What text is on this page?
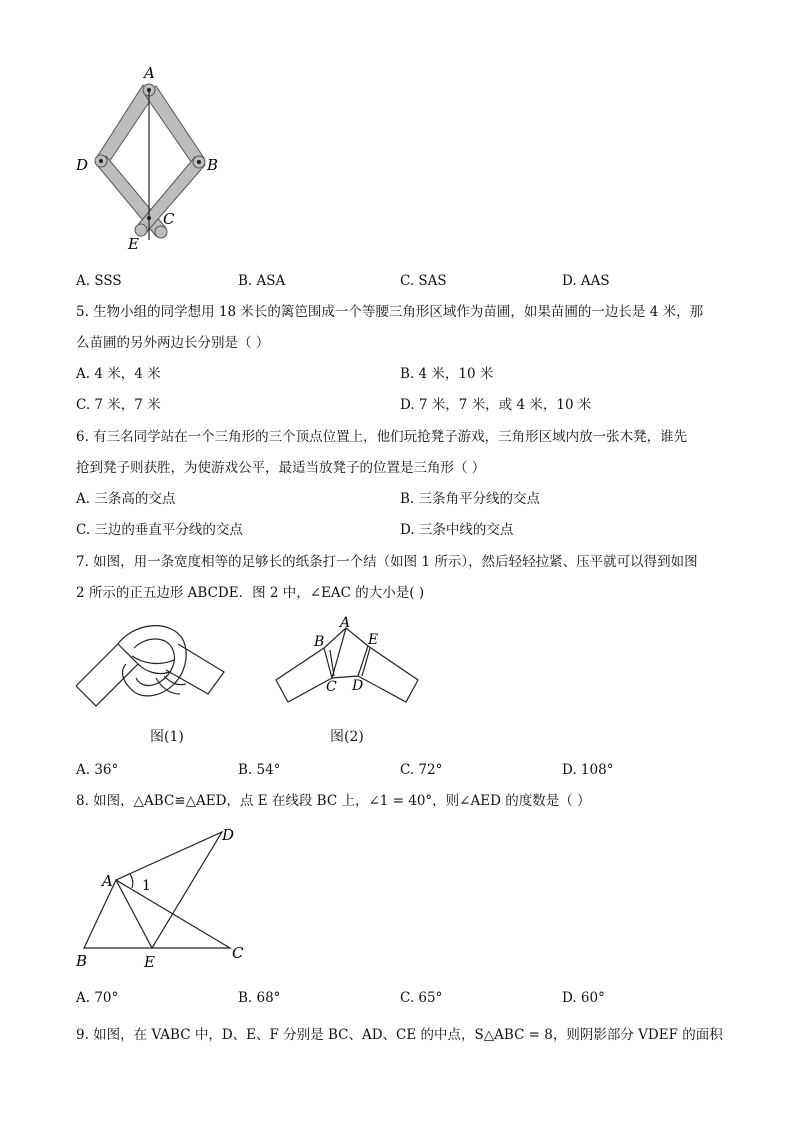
A
D	B
C
E
A. SSS	B. ASA	C. SAS	D. AAS
5. 生物小组的同学想用 18 米长的篱笆围成一个等腰三角形区域作为苗圃，如果苗圃的一边长是 4 米，那
么苗圃的另外两边长分别是（ ）
A. 4 米，4 米	B. 4 米，10 米
C. 7 米，7 米	D. 7 米，7 米，或 4 米，10 米
6. 有三名同学站在一个三角形的三个顶点位置上，他们玩抢凳子游戏，三角形区域内放一张木凳，谁先
抢到凳子则获胜，为使游戏公平，最适当放凳子的位置是三角形（ ）
A. 三条高的交点	B. 三条角平分线的交点
C. 三边的垂直平分线的交点	D. 三条中线的交点
7. 如图，用一条宽度相等的足够长的纸条打一个结（如图 1 所示），然后轻轻拉紧、压平就可以得到如图
2 所示的正五边形 ABCDE．图 2 中，∠EAC 的大小是( )
图(1)
A
B
C D
E
图(2)
A. 36°	B. 54°	C. 72°	D. 108°
8. 如图，△ABC≌△AED，点 E 在线段 BC 上，∠1 = 40°，则∠AED 的度数是（ ）
A
B	C
D
E
1
A. 70°	B. 68°	C. 65°	D. 60°
9. 如图，在 VABC 中，D、E、F 分别是 BC、AD、CE 的中点，S△ABC = 8，则阴影部分 VDEF 的面积
